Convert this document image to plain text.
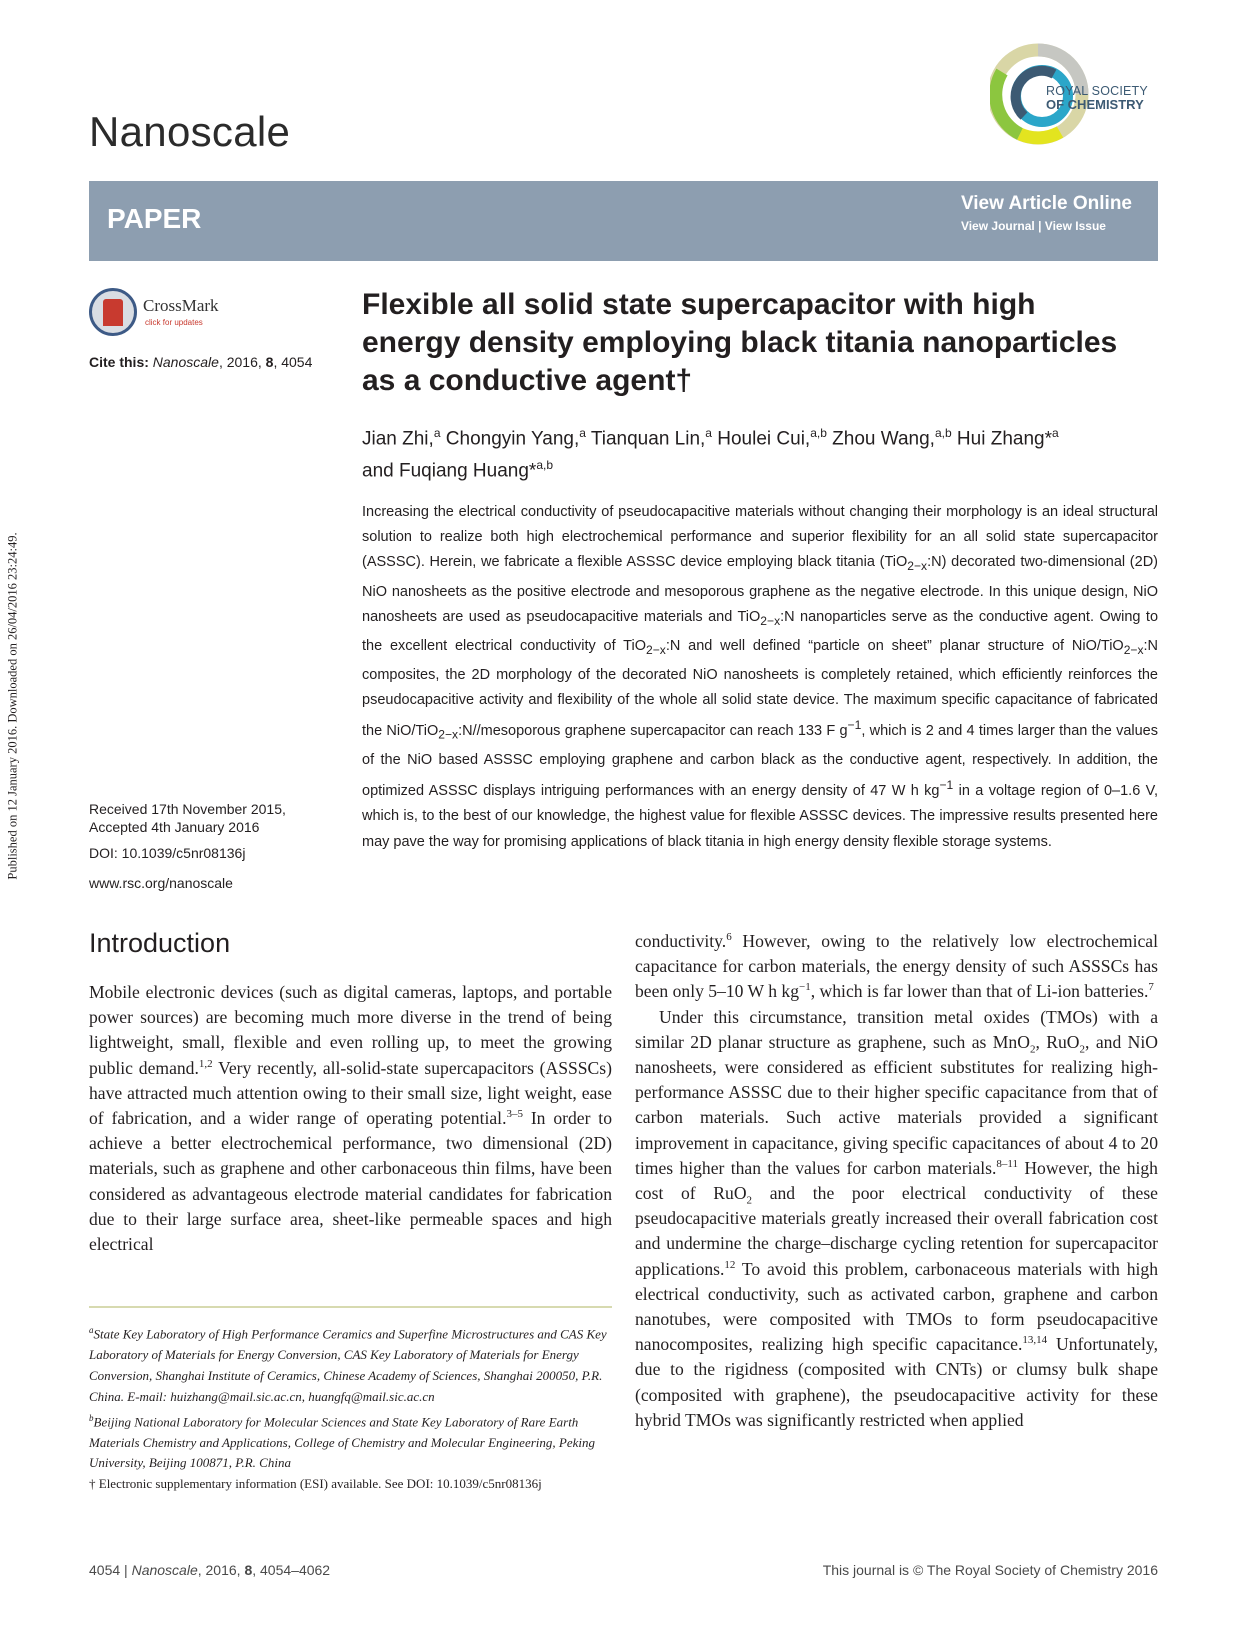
Published on 12 January 2016. Downloaded on 26/04/2016 23:24:49.
Nanoscale
ROYAL SOCIETY
OF CHEMISTRY
PAPER	View Article Online
View Journal | View Issue
CrossMark
click for updates
Cite this: Nanoscale, 2016, 8, 4054
Flexible all solid state supercapacitor with high energy density employing black titania nanoparticles as a conductive agent†
Jian Zhi,$^a$ Chongyin Yang,$^a$ Tianquan Lin,$^a$ Houlei Cui,$^{a,b}$ Zhou Wang,$^{a,b}$ Hui Zhang*$^a$
and Fuqiang Huang*$^{a,b}$

Increasing the electrical conductivity of pseudocapacitive materials without changing their morphology is an ideal structural solution to realize both high electrochemical performance and superior flexibility for an all solid state supercapacitor (ASSSC). Herein, we fabricate a flexible ASSSC device employing black titania (TiO$_{2-x}$:N) decorated two-dimensional (2D) NiO nanosheets as the positive electrode and mesoporous graphene as the negative electrode. In this unique design, NiO nanosheets are used as pseudocapacitive materials and TiO$_{2-x}$:N nanoparticles serve as the conductive agent. Owing to the excellent electrical conductivity of TiO$_{2-x}$:N and well defined “particle on sheet” planar structure of NiO/TiO$_{2-x}$:N composites, the 2D morphology of the decorated NiO nanosheets is completely retained, which efficiently reinforces the pseudocapacitive activity and flexibility of the whole all solid state device. The maximum specific capacitance of fabricated the NiO/TiO$_{2-x}$:N//mesoporous graphene supercapacitor can reach 133 F $g^{-1}$, which is 2 and 4 times larger than the values of the NiO based ASSSC employing graphene and carbon black as the conductive agent, respectively. In addition, the optimized ASSSC displays intriguing performances with an energy density of 47 W h $kg^{-1}$ in a voltage region of 0–1.6 V, which is, to the best of our knowledge, the highest value for flexible ASSSC devices. The impressive results presented here may pave the way for promising applications of black titania in high energy density flexible storage systems.

Received 17th November 2015,
Accepted 4th January 2016
DOI: 10.1039/c5nr08136j
www.rsc.org/nanoscale
Introduction

Mobile electronic devices (such as digital cameras, laptops, and portable power sources) are becoming much more diverse in the trend of being lightweight, small, flexible and even rolling up, to meet the growing public demand.$^{1,2}$ Very recently, all-solid-state supercapacitors (ASSSCs) have attracted much attention owing to their small size, light weight, ease of fabrication, and a wider range of operating potential.$^{3-5}$ In order to achieve a better electrochemical performance, two dimensional (2D) materials, such as graphene and other carbonaceous thin films, have been considered as advantageous electrode material candidates for fabrication due to their large surface area, sheet-like permeable spaces and high electrical

conductivity.$^6$ However, owing to the relatively low electrochemical capacitance for carbon materials, the energy density of such ASSSCs has been only 5–10 W h $kg^{-1}$, which is far lower than that of Li-ion batteries.$^7$

Under this circumstance, transition metal oxides (TMOs) with a similar 2D planar structure as graphene, such as MnO$_2$, RuO$_2$, and NiO nanosheets, were considered as efficient substitutes for realizing high-performance ASSSC due to their higher specific capacitance from that of carbon materials. Such active materials provided a significant improvement in capacitance, giving specific capacitances of about 4 to 20 times higher than the values for carbon materials.$^{8-11}$ However, the high cost of RuO$_2$ and the poor electrical conductivity of these pseudocapacitive materials greatly increased their overall fabrication cost and undermine the charge–discharge cycling retention for supercapacitor applications.$^{12}$ To avoid this problem, carbonaceous materials with high electrical conductivity, such as activated carbon, graphene and carbon nanotubes, were composited with TMOs to form pseudocapacitive nanocomposites, realizing high specific capacitance.$^{13,14}$ Unfortunately, due to the rigidness (composited with CNTs) or clumsy bulk shape (composited with graphene), the pseudocapacitive activity for these hybrid TMOs was significantly restricted when applied

$^a$State Key Laboratory of High Performance Ceramics and Superfine Microstructures and CAS Key Laboratory of Materials for Energy Conversion, CAS Key Laboratory of Materials for Energy Conversion, Shanghai Institute of Ceramics, Chinese Academy of Sciences, Shanghai 200050, P.R. China. E-mail: huizhang@mail.sic.ac.cn, huangfq@mail.sic.ac.cn

$^b$Beijing National Laboratory for Molecular Sciences and State Key Laboratory of Rare Earth Materials Chemistry and Applications, College of Chemistry and Molecular Engineering, Peking University, Beijing 100871, P.R. China

† Electronic supplementary information (ESI) available. See DOI: 10.1039/c5nr08136j

4054 | Nanoscale, 2016, 8, 4054–4062	This journal is © The Royal Society of Chemistry 2016
